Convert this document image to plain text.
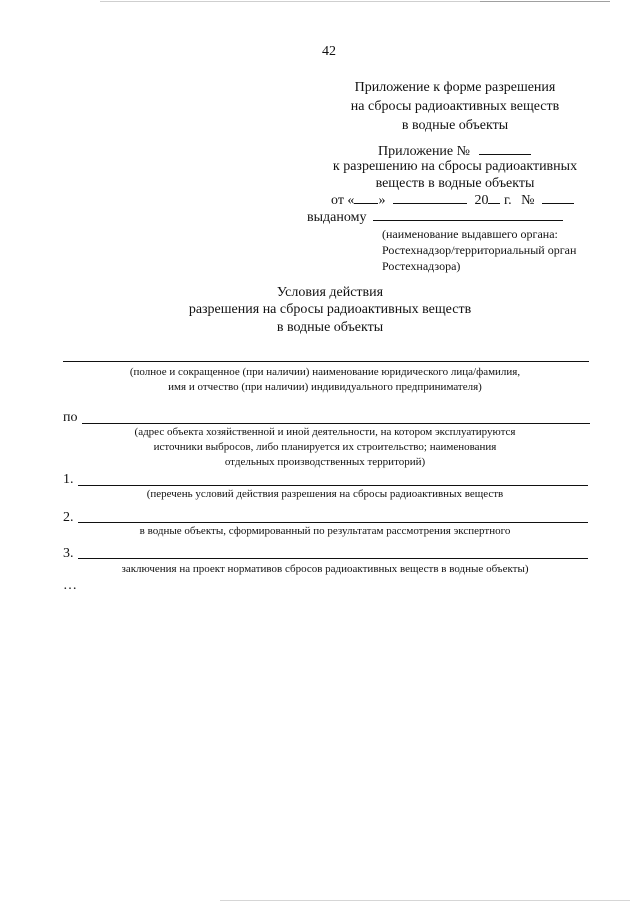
42
Приложение к форме разрешения
на сбросы радиоактивных веществ
в водные объекты
Приложение №
к разрешению на сбросы радиоактивных
веществ в водные объекты
от « »	20 г. №
выданому
(наименование выдавшего органа:
Ростехнадзор/территориальный орган
Ростехнадзора)
Условия действия
разрешения на сбросы радиоактивных веществ
в водные объекты
(полное и сокращенное (при наличии) наименование юридического лица/фамилия,
имя и отчество (при наличии) индивидуального предпринимателя)
по
(адрес объекта хозяйственной и иной деятельности, на котором эксплуатируются
источники выбросов, либо планируется их строительство; наименования
отдельных производственных территорий)
1.
(перечень условий действия разрешения на сбросы радиоактивных веществ
2.
в водные объекты, сформированный по результатам рассмотрения экспертного
3.
заключения на проект нормативов сбросов радиоактивных веществ в водные объекты)
…
